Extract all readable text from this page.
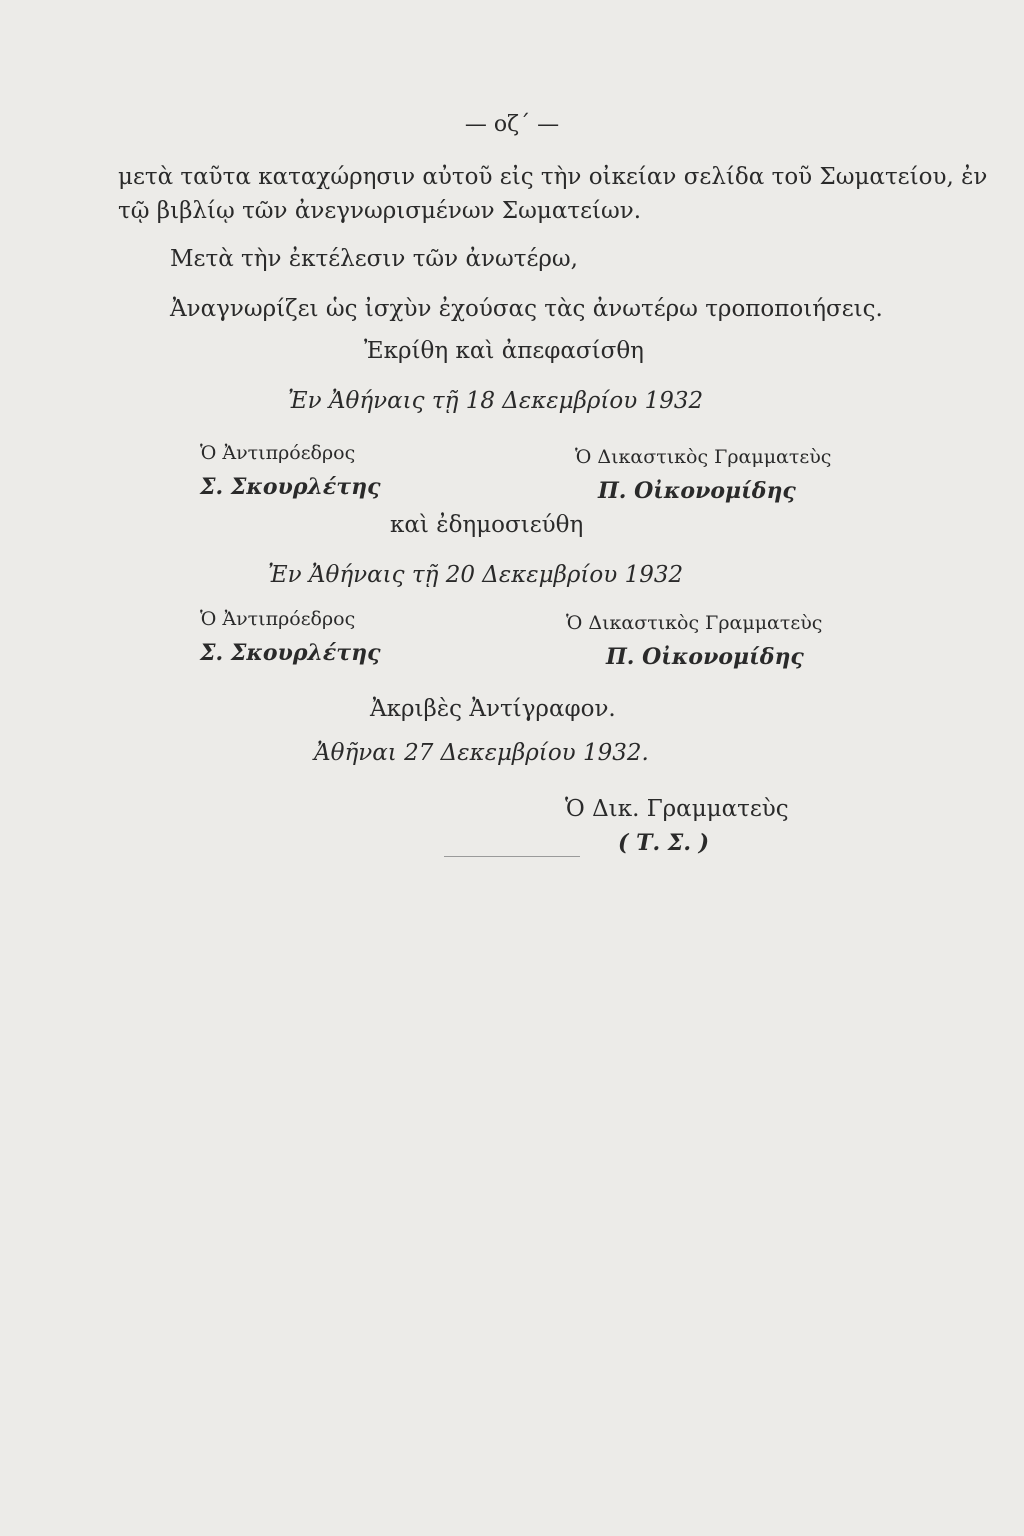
— οζ΄ —
μετὰ ταῦτα καταχώρησιν αὐτοῦ εἰς τὴν οἰκείαν σελίδα τοῦ Σωματείου, ἐν
τῷ βιβλίῳ τῶν ἀνεγνωρισμένων Σωματείων.
Μετὰ τὴν ἐκτέλεσιν τῶν ἀνωτέρω,
Ἀναγνωρίζει ὡς ἰσχὺν ἐχούσας τὰς ἀνωτέρω τροποποιήσεις.
Ἐκρίθη καὶ ἀπεφασίσθη
Ἐν Ἀθήναις τῇ 18 Δεκεμβρίου 1932
Ὁ Ἀντιπρόεδρος
Σ. Σκουρλέτης
Ὁ Δικαστικὸς Γραμματεὺς
Π. Οἰκονομίδης
καὶ ἐδημοσιεύθη
Ἐν Ἀθήναις τῇ 20 Δεκεμβρίου 1932
Ὁ Ἀντιπρόεδρος
Σ. Σκουρλέτης
Ὁ Δικαστικὸς Γραμματεὺς
Π. Οἰκονομίδης
Ἀκριβὲς Ἀντίγραφον.
Ἀθῆναι 27 Δεκεμβρίου 1932.
Ὁ Δικ. Γραμματεὺς
( Τ. Σ. )
